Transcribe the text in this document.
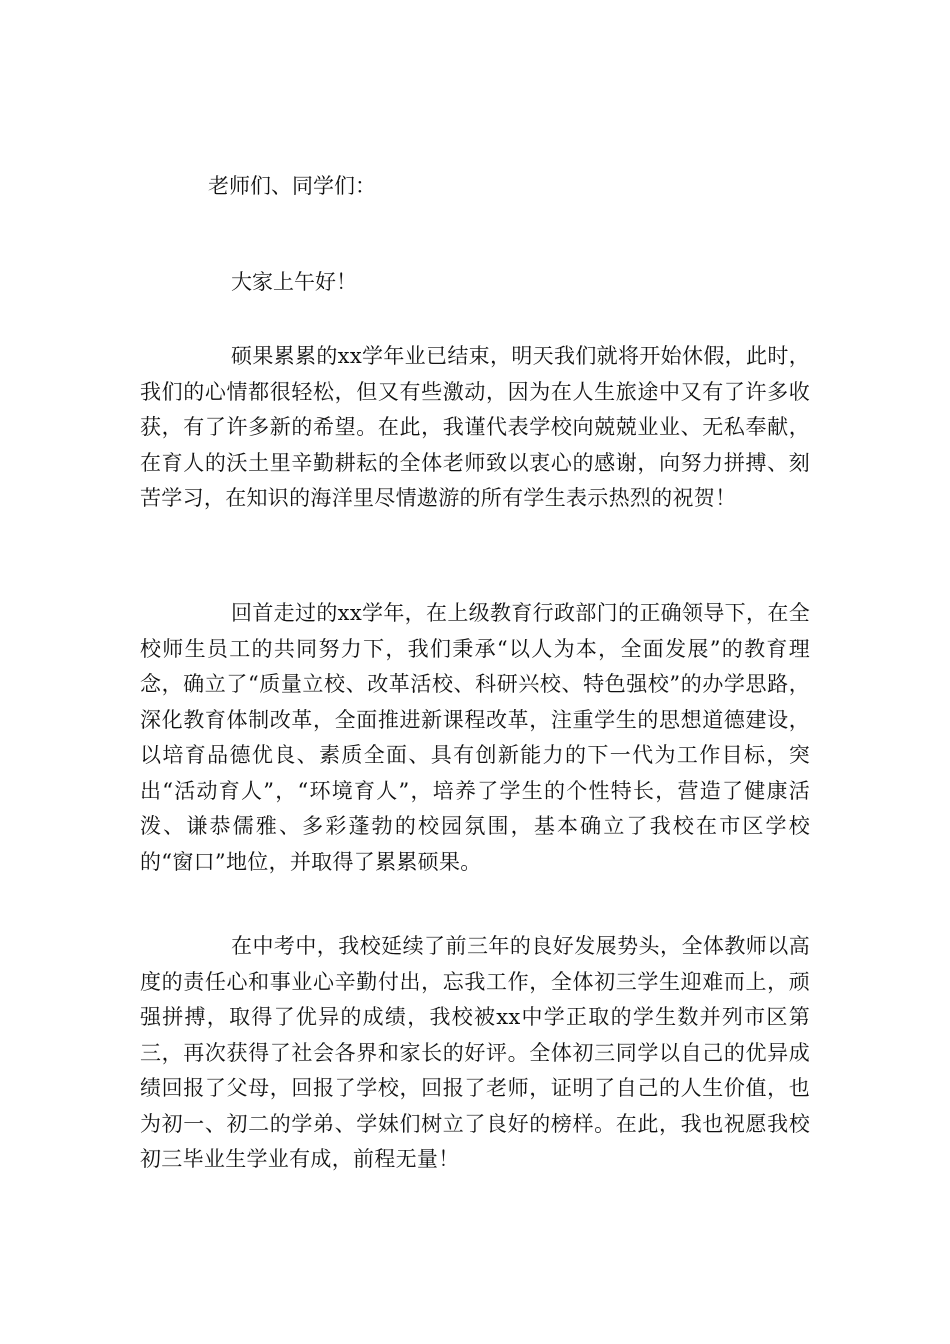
老师们、同学们：
大家上午好！

硕果累累的xx学年业已结束，明天我们就将开始休假，此时，我们的心情都很轻松，但又有些激动，因为在人生旅途中又有了许多收获，有了许多新的希望。在此，我谨代表学校向兢兢业业、无私奉献，在育人的沃土里辛勤耕耘的全体老师致以衷心的感谢，向努力拼搏、刻苦学习，在知识的海洋里尽情遨游的所有学生表示热烈的祝贺！

回首走过的xx学年，在上级教育行政部门的正确领导下，在全校师生员工的共同努力下，我们秉承“以人为本，全面发展”的教育理念，确立了“质量立校、改革活校、科研兴校、特色强校”的办学思路，深化教育体制改革，全面推进新课程改革，注重学生的思想道德建设，以培育品德优良、素质全面、具有创新能力的下一代为工作目标，突出“活动育人”，“环境育人”，培养了学生的个性特长，营造了健康活泼、谦恭儒雅、多彩蓬勃的校园氛围，基本确立了我校在市区学校的“窗口”地位，并取得了累累硕果。

在中考中，我校延续了前三年的良好发展势头，全体教师以高度的责任心和事业心辛勤付出，忘我工作，全体初三学生迎难而上，顽强拼搏，取得了优异的成绩，我校被xx中学正取的学生数并列市区第三，再次获得了社会各界和家长的好评。全体初三同学以自己的优异成绩回报了父母，回报了学校，回报了老师，证明了自己的人生价值，也为初一、初二的学弟、学妹们树立了良好的榜样。在此，我也祝愿我校初三毕业生学业有成，前程无量！
